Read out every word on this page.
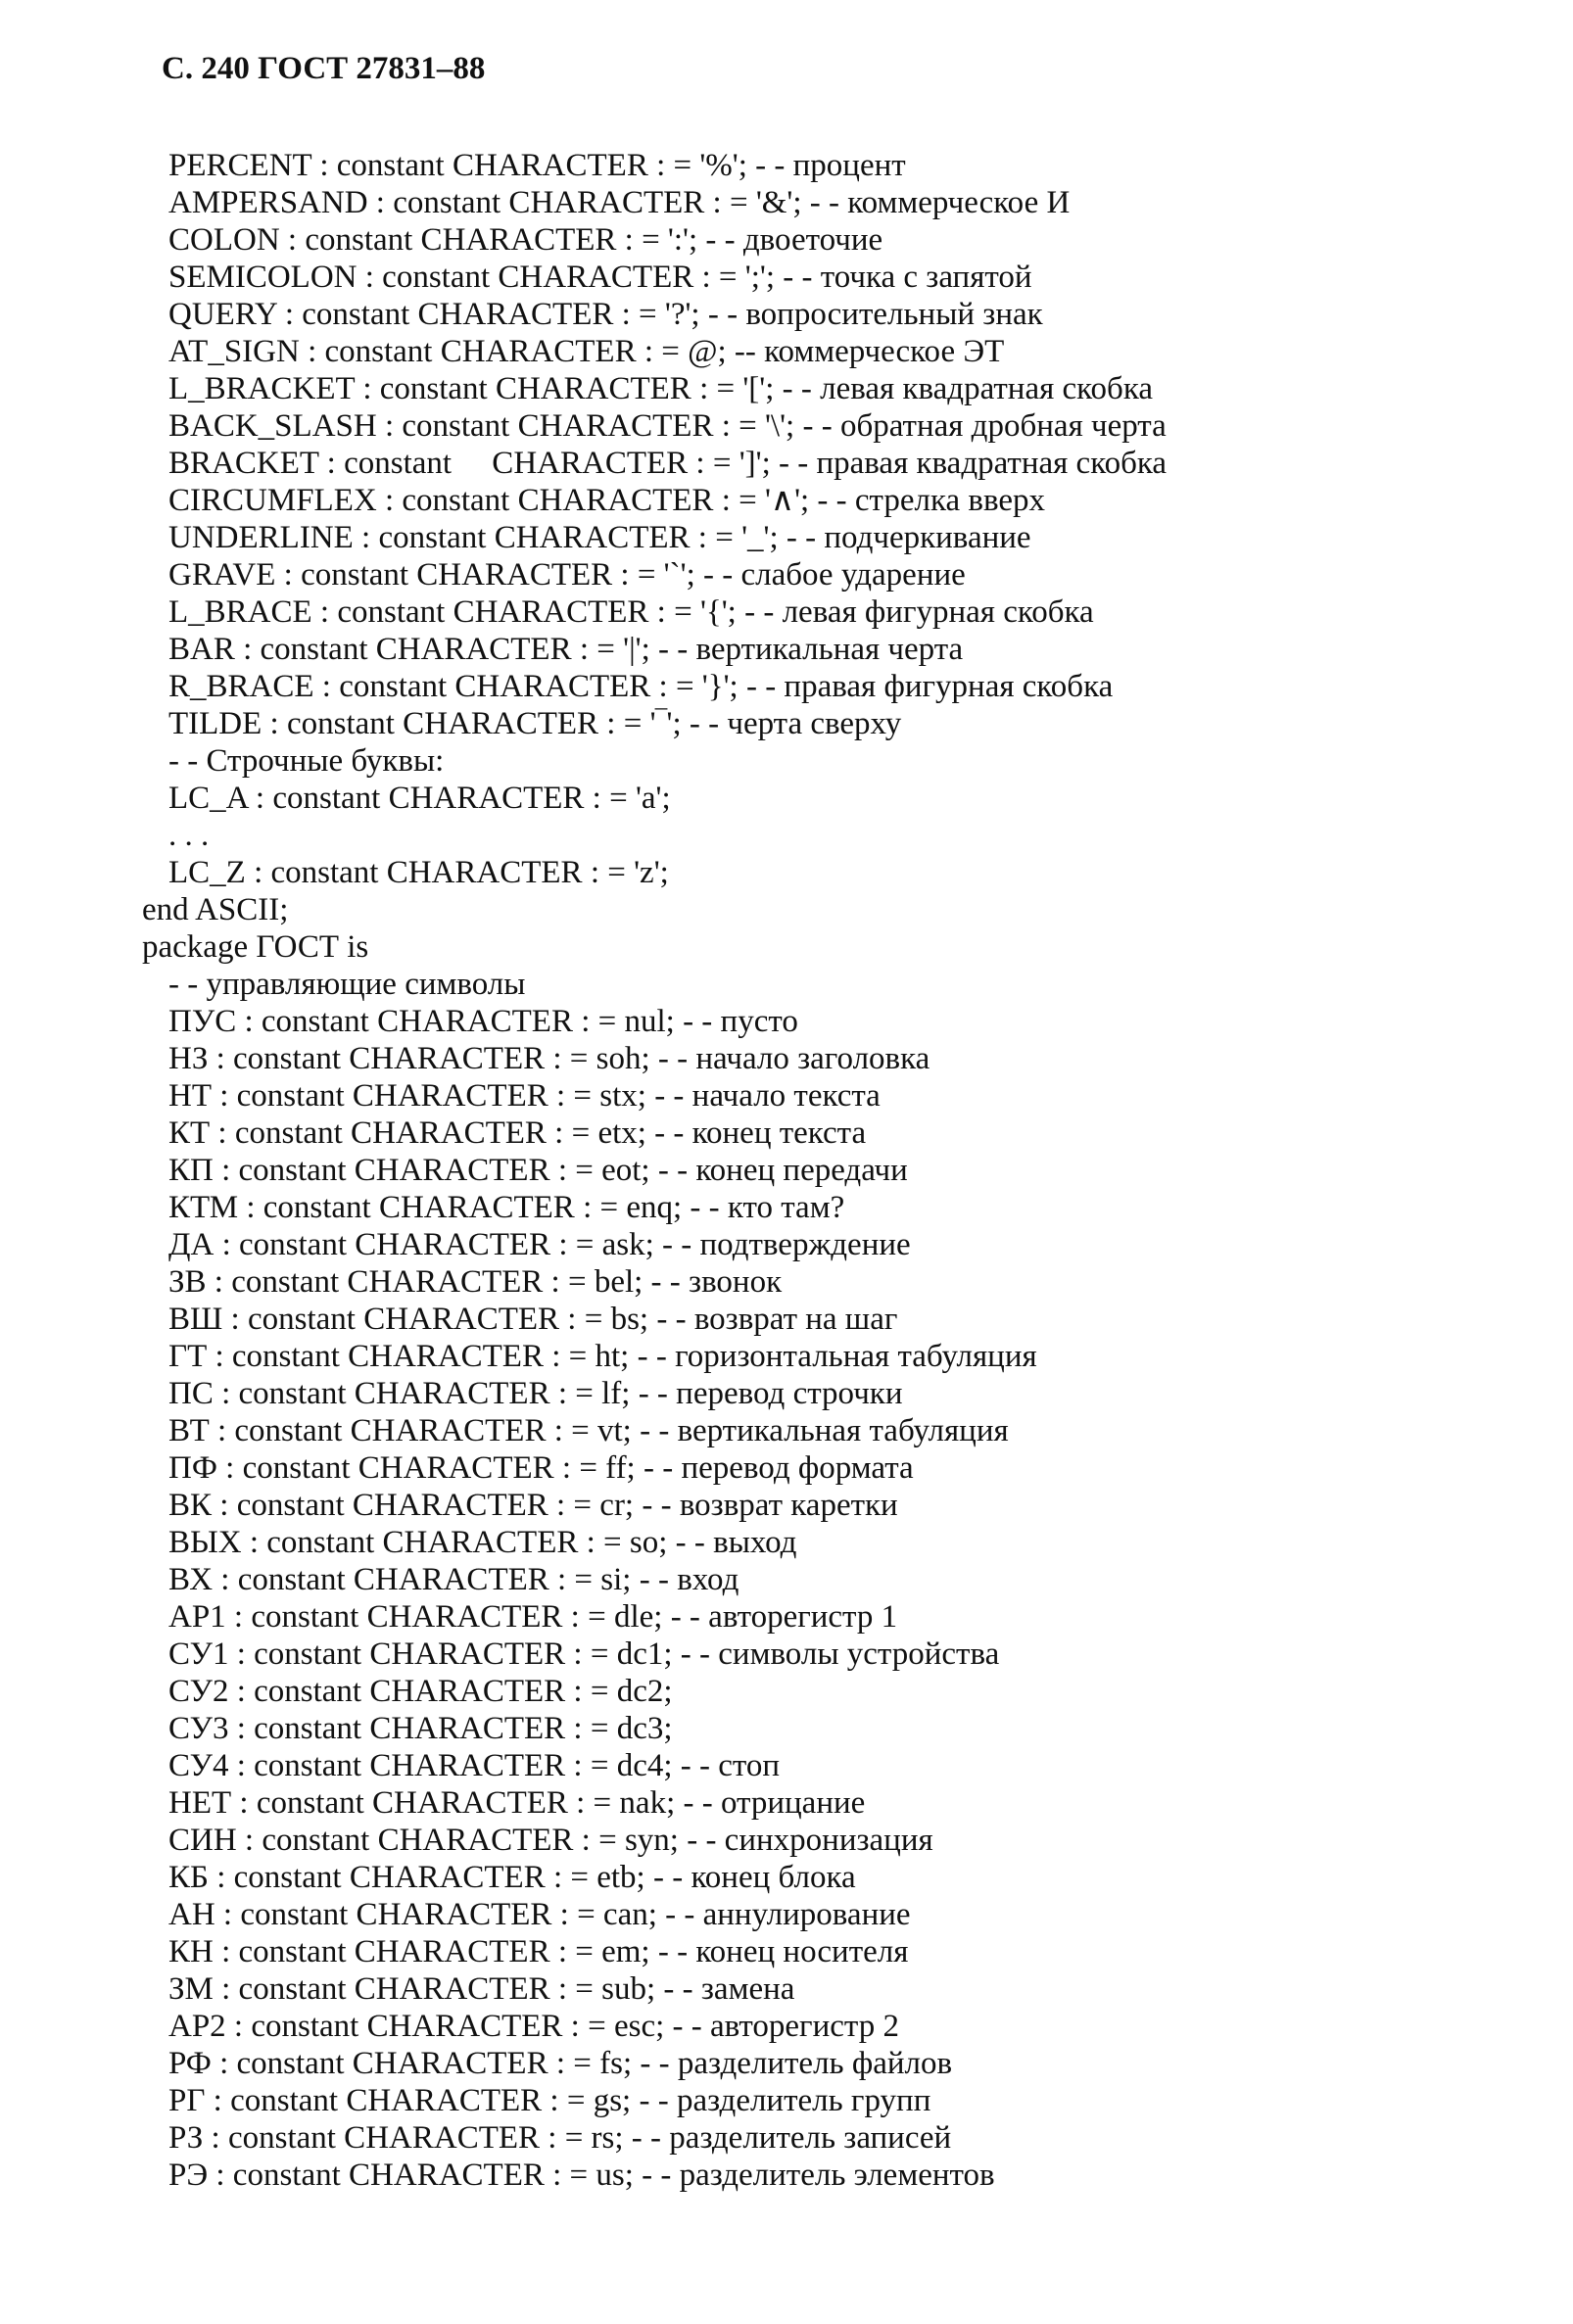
С. 240 ГОСТ 27831–88
PERCENT : constant CHARACTER : = '%'; - - процент
AMPERSAND : constant CHARACTER : = '&'; - - коммерческое И
COLON : constant CHARACTER : = ':'; - - двоеточие
SEMICOLON : constant CHARACTER : = ';'; - - точка с запятой
QUERY : constant CHARACTER : = '?'; - - вопросительный знак
AT_SIGN : constant CHARACTER : = @; -- коммерческое ЭТ
L_BRACKET : constant CHARACTER : = '['; - - левая квадратная скобка
BACK_SLASH : constant CHARACTER : = '\'; - - обратная дробная черта
BRACKET : constant     CHARACTER : = ']'; - - правая квадратная скобка
CIRCUMFLEX : constant CHARACTER : = '∧'; - - стрелка вверх
UNDERLINE : constant CHARACTER : = '_'; - - подчеркивание
GRAVE : constant CHARACTER : = '`'; - - слабое ударение
L_BRACE : constant CHARACTER : = '{'; - - левая фигурная скобка
BAR : constant CHARACTER : = '|'; - - вертикальная черта
R_BRACE : constant CHARACTER : = '}'; - - правая фигурная скобка
TILDE : constant CHARACTER : = '‾'; - - черта сверху
- - Строчные буквы:
LC_A : constant CHARACTER : = 'a';
. . .
LC_Z : constant CHARACTER : = 'z';
end ASCII;
package ГОСТ is
- - управляющие символы
ПУС : constant CHARACTER : = nul; - - пусто
НЗ : constant CHARACTER : = soh; - - начало заголовка
НТ : constant CHARACTER : = stx; - - начало текста
КТ : constant CHARACTER : = etx; - - конец текста
КП : constant CHARACTER : = eot; - - конец передачи
КТМ : constant CHARACTER : = enq; - - кто там?
ДА : constant CHARACTER : = ask; - - подтверждение
ЗВ : constant CHARACTER : = bel; - - звонок
ВШ : constant CHARACTER : = bs; - - возврат на шаг
ГТ : constant CHARACTER : = ht; - - горизонтальная табуляция
ПС : constant CHARACTER : = lf; - - перевод строчки
ВТ : constant CHARACTER : = vt; - - вертикальная табуляция
ПФ : constant CHARACTER : = ff; - - перевод формата
ВК : constant CHARACTER : = cr; - - возврат каретки
ВЫХ : constant CHARACTER : = so; - - выход
ВХ : constant CHARACTER : = si; - - вход
АР1 : constant CHARACTER : = dle; - - авторегистр 1
СУ1 : constant CHARACTER : = dc1; - - символы устройства
СУ2 : constant CHARACTER : = dc2;
СУ3 : constant CHARACTER : = dc3;
СУ4 : constant CHARACTER : = dc4; - - стоп
НЕТ : constant CHARACTER : = nak; - - отрицание
СИН : constant CHARACTER : = syn; - - синхронизация
КБ : constant CHARACTER : = etb; - - конец блока
АН : constant CHARACTER : = can; - - аннулирование
КН : constant CHARACTER : = em; - - конец носителя
ЗМ : constant CHARACTER : = sub; - - замена
АР2 : constant CHARACTER : = esc; - - авторегистр 2
РФ : constant CHARACTER : = fs; - - разделитель файлов
РГ : constant CHARACTER : = gs; - - разделитель групп
РЗ : constant CHARACTER : = rs; - - разделитель записей
РЭ : constant CHARACTER : = us; - - разделитель элементов
